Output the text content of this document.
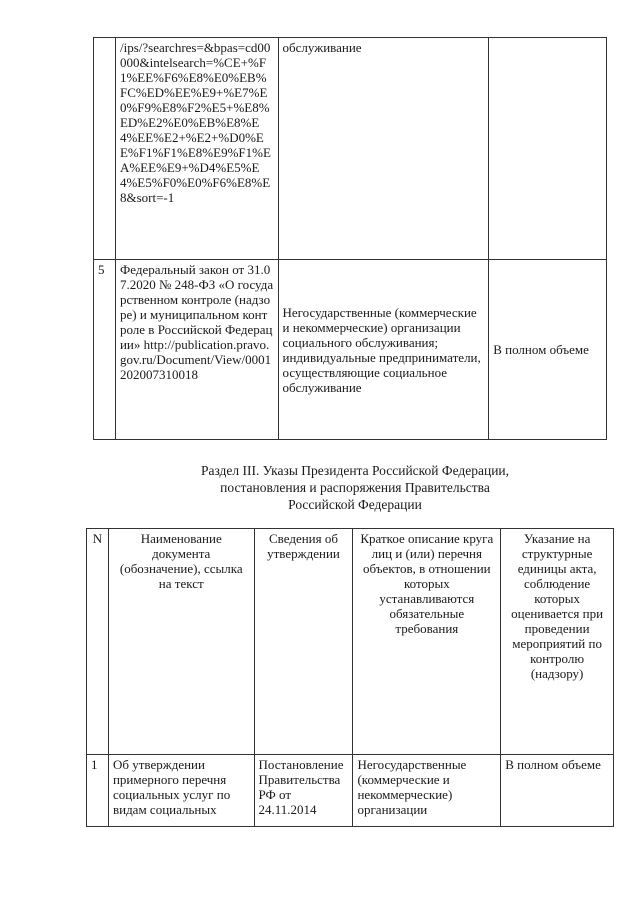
	/ips/?searchres=&bpas=cd00000&intelsearch=%CE+%F1%EE%F6%E8%E0%EB%FC%ED%EE%E9+%E7%E0%F9%E8%F2%E5+%E8%ED%E2%E0%EB%E8%E4%EE%E2+%E2+%D0%EE%F1%F1%E8%E9%F1%EA%EE%E9+%D4%E5%E4%E5%F0%E0%F6%E8%E8&sort=-1	обслуживание	
5	Федеральный закон от 31.07.2020 № 248-ФЗ «О государственном контроле (надзоре) и муниципальном контроле в Российской Федерации» http://publication.pravo.gov.ru/Document/View/0001202007310018	Негосударственные (коммерческие и некоммерческие) организации социального обслуживания; индивидуальные предприниматели, осуществляющие социальное обслуживание	В полном объеме
Раздел III. Указы Президента Российской Федерации,
постановления и распоряжения Правительства
Российской Федерации
N	Наименование документа (обозначение), ссылка на текст	Сведения об утверждении	Краткое описание круга лиц и (или) перечня объектов, в отношении которых устанавливаются обязательные требования	Указание на структурные единицы акта, соблюдение которых оценивается при проведении мероприятий по контролю (надзору)
1	Об утверждении примерного перечня социальных услуг по видам социальных	Постановление Правительства РФ от 24.11.2014	Негосударственные (коммерческие и некоммерческие) организации	В полном объеме
